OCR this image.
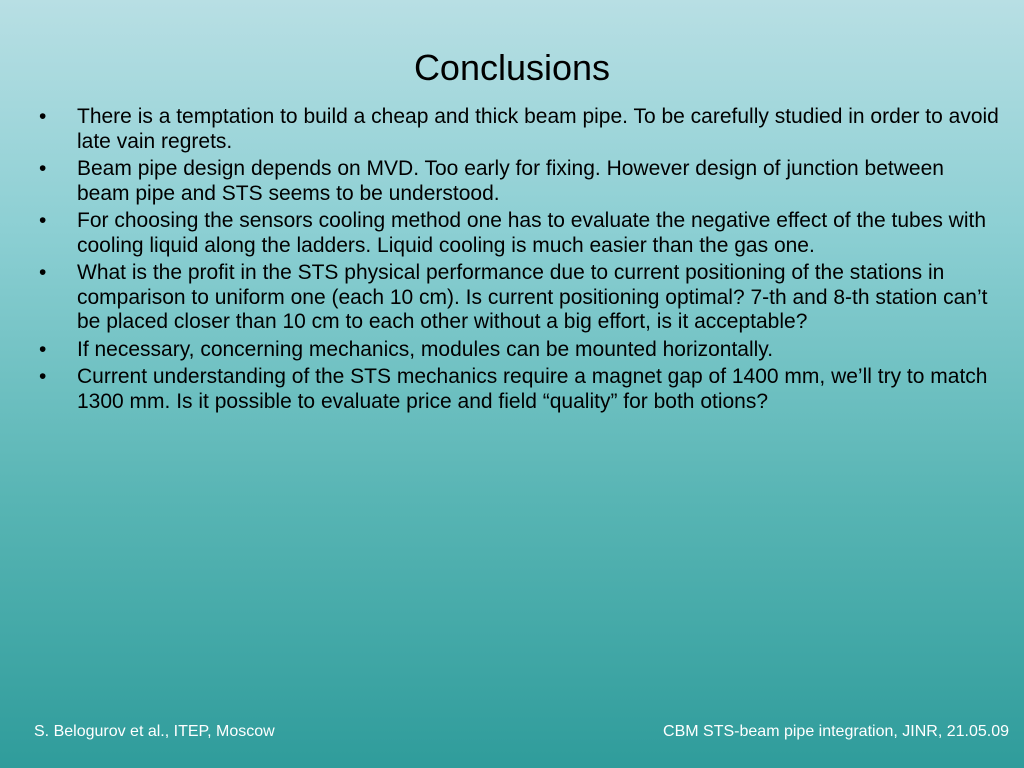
Conclusions
• There is a temptation to build a cheap and thick beam pipe. To be carefully studied in order to avoid late vain regrets.
• Beam pipe design depends on MVD. Too early for fixing. However design of junction between beam pipe and STS seems to be understood.
• For choosing the sensors cooling method one has to evaluate the negative effect of the tubes with cooling liquid along the ladders. Liquid cooling is much easier than the gas one.
• What is the profit in the STS physical performance due to current positioning of the stations in comparison to uniform one (each 10 cm). Is current positioning optimal? 7-th and 8-th station can’t be placed closer than 10 cm to each other without a big effort, is it acceptable?
• If necessary, concerning mechanics, modules can be mounted horizontally.
• Current understanding of the STS mechanics require a magnet gap of 1400 mm, we’ll try to match 1300 mm. Is it possible to evaluate price and field “quality” for both otions?
S. Belogurov et al., ITEP, Moscow	CBM STS-beam pipe integration, JINR, 21.05.09
